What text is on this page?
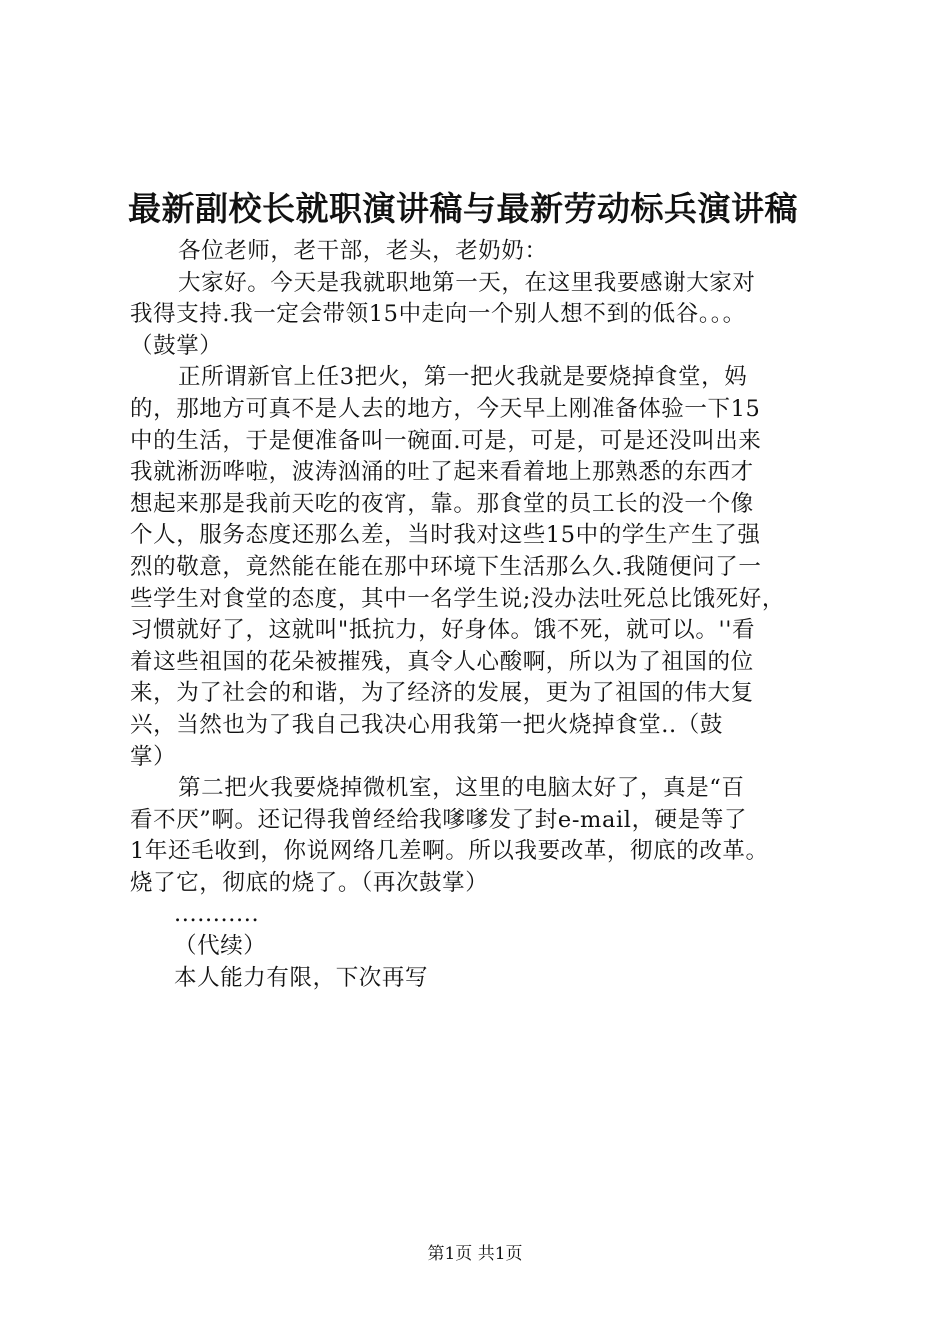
最新副校长就职演讲稿与最新劳动标兵演讲稿
各位老师，老干部，老头，老奶奶：
大家好。今天是我就职地第一天，在这里我要感谢大家对
我得支持.我一定会带领15中走向一个别人想不到的低谷。。。
（鼓掌）
正所谓新官上任3把火，第一把火我就是要烧掉食堂，妈
的，那地方可真不是人去的地方，今天早上刚准备体验一下15
中的生活，于是便准备叫一碗面.可是，可是，可是还没叫出来
我就淅沥哗啦，波涛汹涌的吐了起来看着地上那熟悉的东西才
想起来那是我前天吃的夜宵，靠。那食堂的员工长的没一个像
个人，服务态度还那么差，当时我对这些15中的学生产生了强
烈的敬意，竟然能在能在那中环境下生活那么久.我随便问了一
些学生对食堂的态度，其中一名学生说;没办法吐死总比饿死好，
习惯就好了，这就叫"抵抗力，好身体。饿不死，就可以。''看
着这些祖国的花朵被摧残，真令人心酸啊，所以为了祖国的位
来，为了社会的和谐，为了经济的发展，更为了祖国的伟大复
兴，当然也为了我自己我决心用我第一把火烧掉食堂..（鼓
掌）
第二把火我要烧掉微机室，这里的电脑太好了，真是“百
看不厌”啊。还记得我曾经给我嗲嗲发了封e-mail，硬是等了
1年还毛收到，你说网络几差啊。所以我要改革，彻底的改革。
烧了它，彻底的烧了。（再次鼓掌）
...........
（代续）
本人能力有限，下次再写
第1页 共1页
